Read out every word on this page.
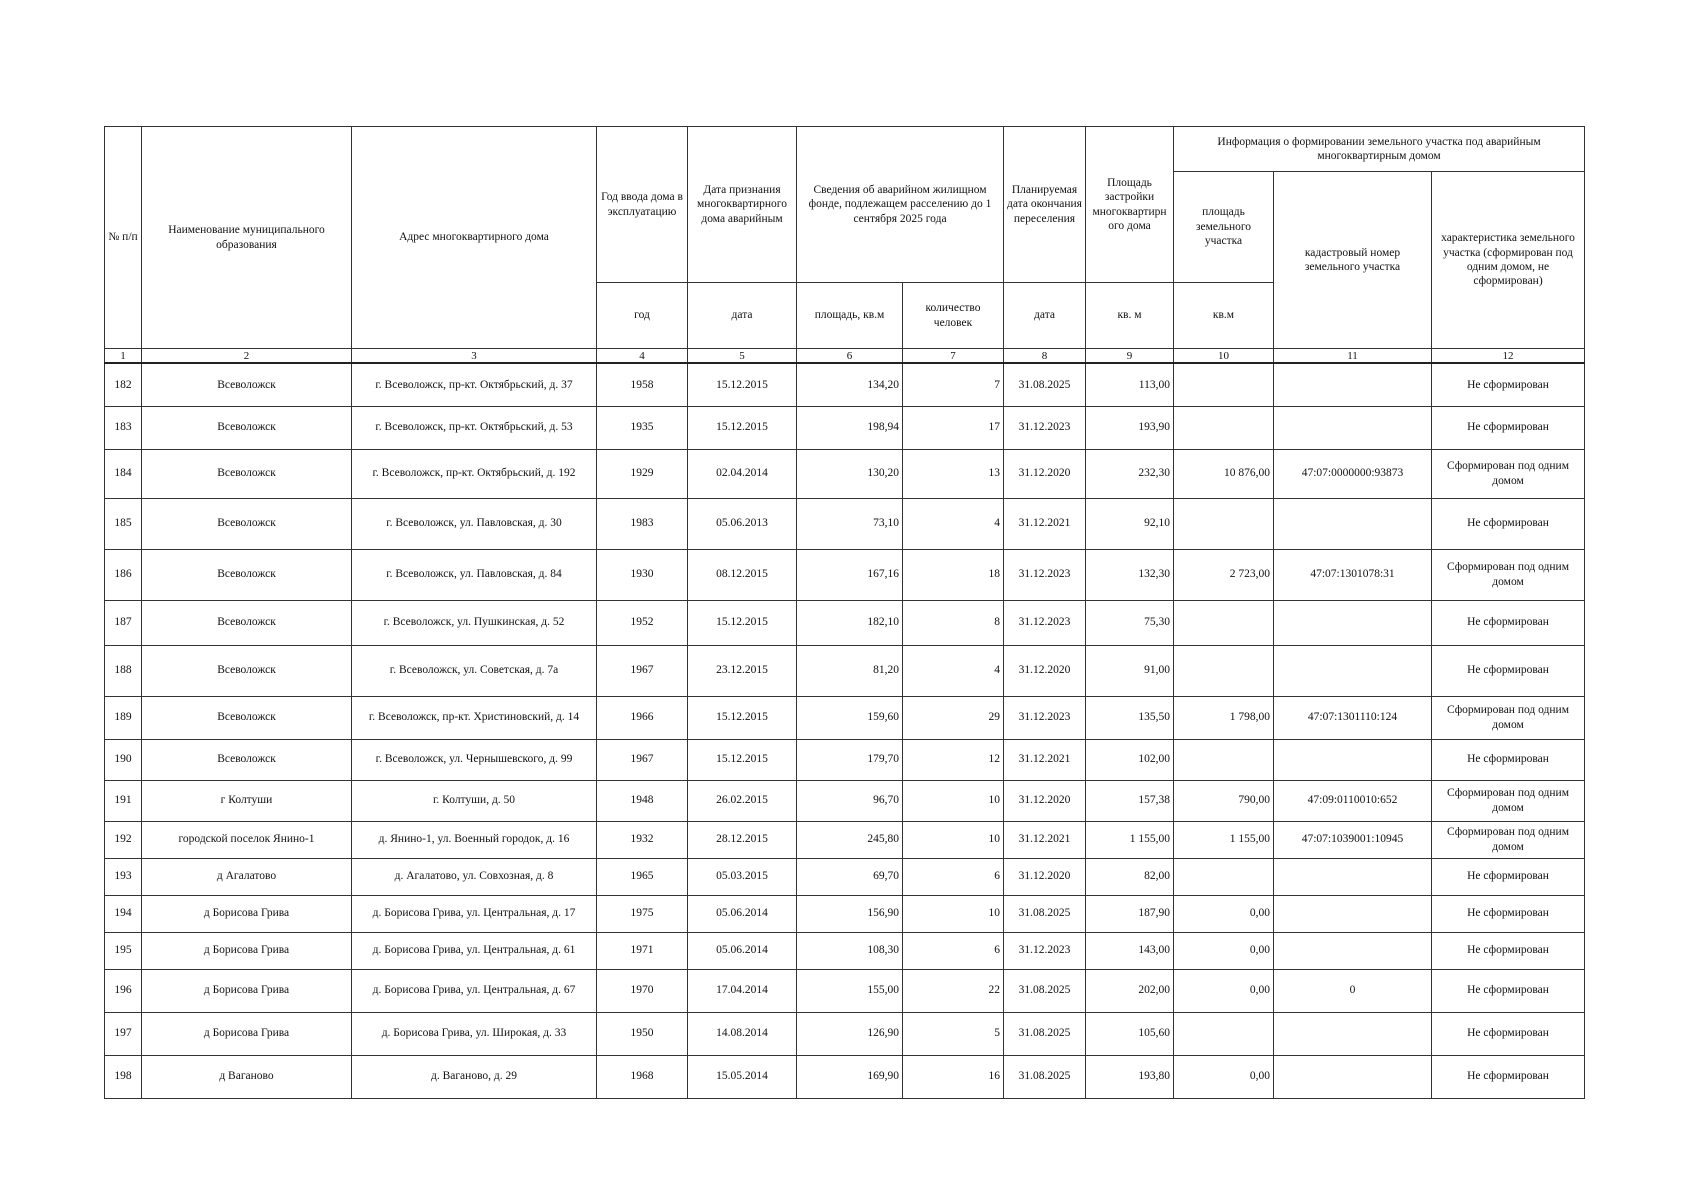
№ п/п	Наименование муниципального образования	Адрес многоквартирного дома	Год ввода дома в эксплуатацию	Дата признания многоквартирного дома аварийным	Сведения об аварийном жилищном фонде, подлежащем расселению до 1 сентября 2025 года		Планируемая дата окончания переселения	Площадь застройки многоквартирн ого дома	Информация о формировании земельного участка под аварийным многоквартирным домом		
									площадь земельного участка	кадастровый номер земельного участка	характеристика земельного участка (сформирован под одним домом, не сформирован)
			год	дата	площадь, кв.м	количество человек	дата	кв. м	кв.м		
1	2	3	4	5	6	7	8	9	10	11	12
182	Всеволожск	г. Всеволожск, пр-кт. Октябрьский, д. 37	1958	15.12.2015	134,20	7	31.08.2025	113,00			Не сформирован
183	Всеволожск	г. Всеволожск, пр-кт. Октябрьский, д. 53	1935	15.12.2015	198,94	17	31.12.2023	193,90			Не сформирован
184	Всеволожск	г. Всеволожск, пр-кт. Октябрьский, д. 192	1929	02.04.2014	130,20	13	31.12.2020	232,30	10 876,00	47:07:0000000:93873	Сформирован под одним домом
185	Всеволожск	г. Всеволожск, ул. Павловская, д. 30	1983	05.06.2013	73,10	4	31.12.2021	92,10			Не сформирован
186	Всеволожск	г. Всеволожск, ул. Павловская, д. 84	1930	08.12.2015	167,16	18	31.12.2023	132,30	2 723,00	47:07:1301078:31	Сформирован под одним домом
187	Всеволожск	г. Всеволожск, ул. Пушкинская, д. 52	1952	15.12.2015	182,10	8	31.12.2023	75,30			Не сформирован
188	Всеволожск	г. Всеволожск, ул. Советская, д. 7а	1967	23.12.2015	81,20	4	31.12.2020	91,00			Не сформирован
189	Всеволожск	г. Всеволожск, пр-кт. Христиновский, д. 14	1966	15.12.2015	159,60	29	31.12.2023	135,50	1 798,00	47:07:1301110:124	Сформирован под одним домом
190	Всеволожск	г. Всеволожск, ул. Чернышевского, д. 99	1967	15.12.2015	179,70	12	31.12.2021	102,00			Не сформирован
191	г Колтуши	г. Колтуши, д. 50	1948	26.02.2015	96,70	10	31.12.2020	157,38	790,00	47:09:0110010:652	Сформирован под одним домом
192	городской поселок Янино-1	д. Янино-1, ул. Военный городок, д. 16	1932	28.12.2015	245,80	10	31.12.2021	1 155,00	1 155,00	47:07:1039001:10945	Сформирован под одним домом
193	д Агалатово	д. Агалатово, ул. Совхозная, д. 8	1965	05.03.2015	69,70	6	31.12.2020	82,00			Не сформирован
194	д Борисова Грива	д. Борисова Грива, ул. Центральная, д. 17	1975	05.06.2014	156,90	10	31.08.2025	187,90	0,00		Не сформирован
195	д Борисова Грива	д. Борисова Грива, ул. Центральная, д. 61	1971	05.06.2014	108,30	6	31.12.2023	143,00	0,00		Не сформирован
196	д Борисова Грива	д. Борисова Грива, ул. Центральная, д. 67	1970	17.04.2014	155,00	22	31.08.2025	202,00	0,00	0	Не сформирован
197	д Борисова Грива	д. Борисова Грива, ул. Широкая, д. 33	1950	14.08.2014	126,90	5	31.08.2025	105,60			Не сформирован
198	д Ваганово	д. Ваганово, д. 29	1968	15.05.2014	169,90	16	31.08.2025	193,80	0,00		Не сформирован
